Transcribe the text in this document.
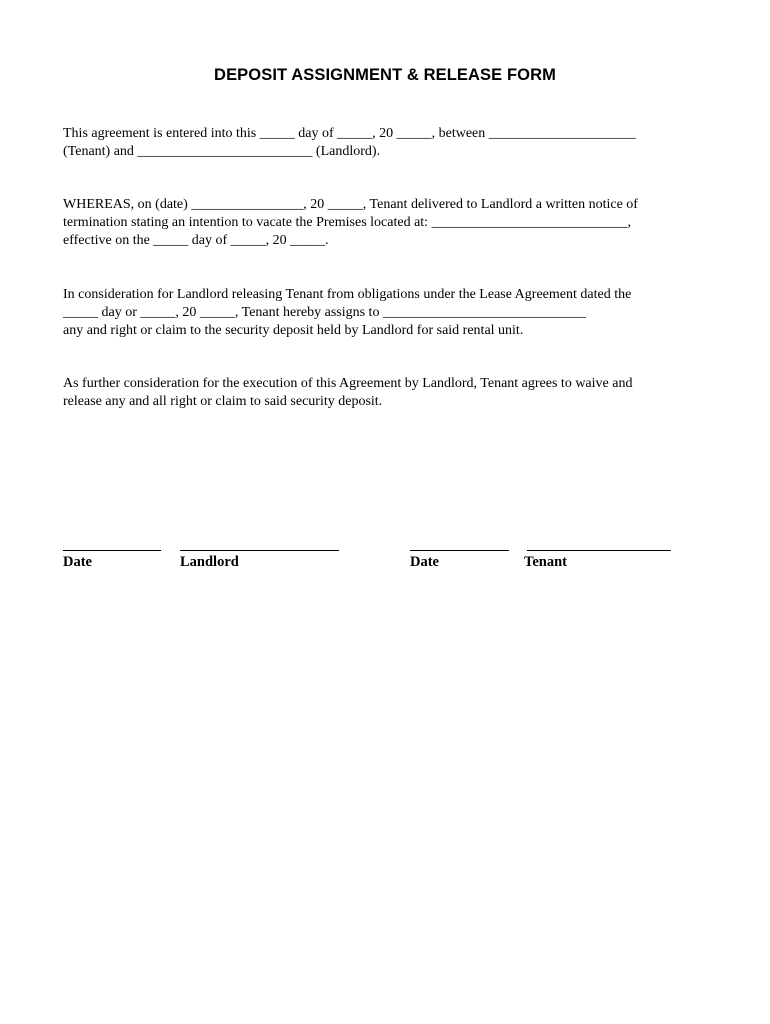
DEPOSIT ASSIGNMENT & RELEASE FORM
This agreement is entered into this _____ day of _____, 20 _____, between _____________________
(Tenant) and _________________________ (Landlord).
WHEREAS, on (date) ________________, 20 _____, Tenant delivered to Landlord a written notice of
termination stating an intention to vacate the Premises located at: ____________________________,
effective on the _____ day of _____, 20 _____.
In consideration for Landlord releasing Tenant from obligations under the Lease Agreement dated the
_____ day or _____, 20 _____, Tenant hereby assigns to _____________________________
any and right or claim to the security deposit held by Landlord for said rental unit.
As further consideration for the execution of this Agreement by Landlord, Tenant agrees to waive and
release any and all right or claim to said security deposit.
Date	Landlord	Date	Tenant
